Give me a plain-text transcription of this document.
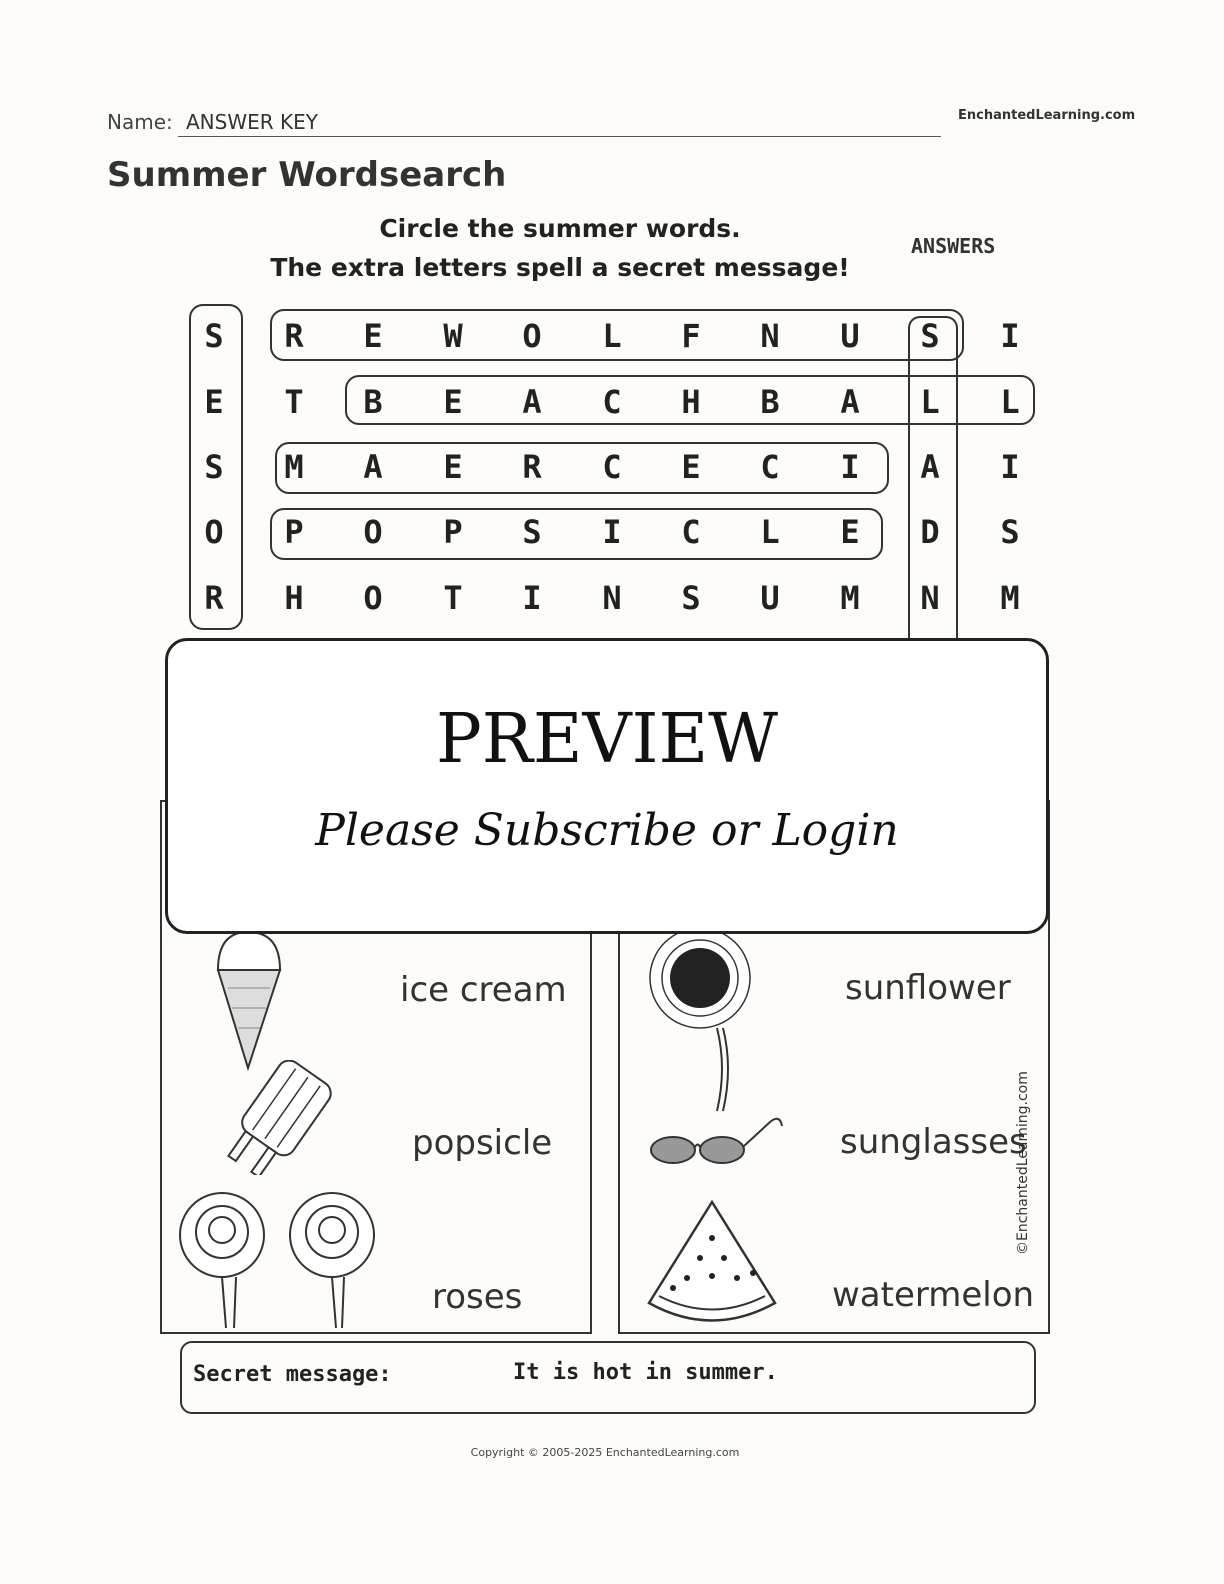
Name: ANSWER KEY	EnchantedLearning.com
Summer Wordsearch
Circle the summer words.
The extra letters spell a secret message!
ANSWERS
S	R	E	W	O	L	F	N	U	S	I
E	T	B	E	A	C	H	B	A	L	L
S	M	A	E	R	C	E	C	I	A	I
O	P	O	P	S	I	C	L	E	D	S
R	H	O	T	I	N	S	U	M	N	M
ice cream
popsicle
roses
sunflower
sunglasses
watermelon
©EnchantedLearning.com
PREVIEW
Please Subscribe or Login
Secret message:	It is hot in summer.
Copyright © 2005-2025 EnchantedLearning.com
